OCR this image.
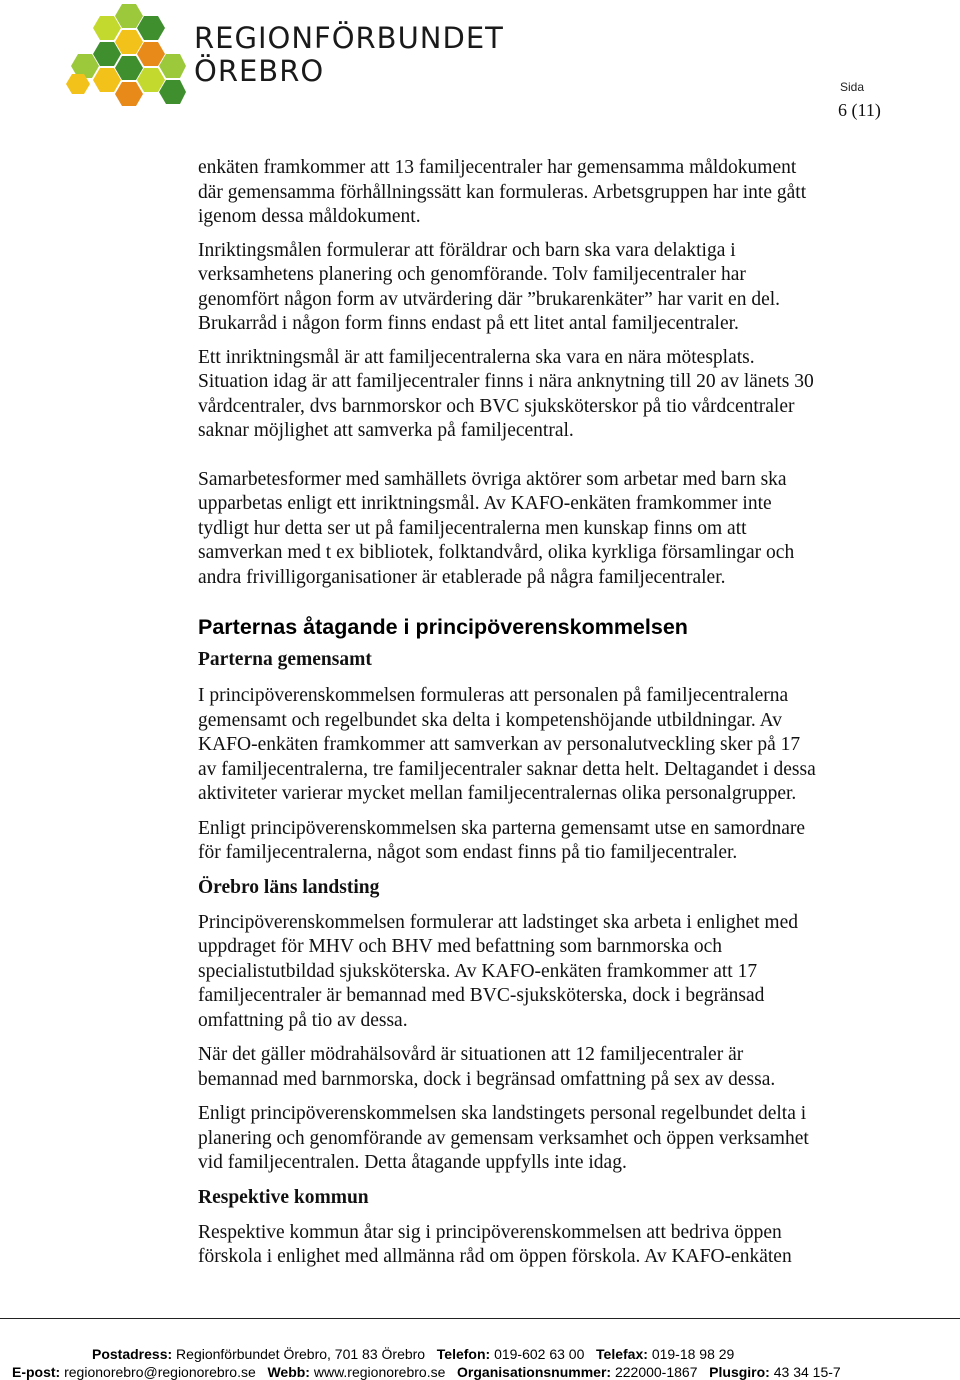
REGIONFÖRBUNDET
ÖREBRO	Sida
6 (11)

enkäten framkommer att 13 familjecentraler har gemensamma måldokument
där gemensamma förhållningssätt kan formuleras. Arbetsgruppen har inte gått
igenom dessa måldokument.

Inriktingsmålen formulerar att föräldrar och barn ska vara delaktiga i
verksamhetens planering och genomförande. Tolv familjecentraler har
genomfört någon form av utvärdering där ”brukarenkäter” har varit en del.
Brukarråd i någon form finns endast på ett litet antal familjecentraler.

Ett inriktningsmål är att familjecentralerna ska vara en nära mötesplats.
Situation idag är att familjecentraler finns i nära anknytning till 20 av länets 30
vårdcentraler, dvs barnmorskor och BVC sjuksköterskor på tio vårdcentraler
saknar möjlighet att samverka på familjecentral.

Samarbetesformer med samhällets övriga aktörer som arbetar med barn ska
upparbetas enligt ett inriktningsmål. Av KAFO-enkäten framkommer inte
tydligt hur detta ser ut på familjecentralerna men kunskap finns om att
samverkan med t ex bibliotek, folktandvård, olika kyrkliga församlingar och
andra frivilligorganisationer är etablerade på några familjecentraler.

Parternas åtagande i principöverenskommelsen
Parterna gemensamt

I principöverenskommelsen formuleras att personalen på familjecentralerna
gemensamt och regelbundet ska delta i kompetenshöjande utbildningar. Av
KAFO-enkäten framkommer att samverkan av personalutveckling sker på 17
av familjecentralerna, tre familjecentraler saknar detta helt. Deltagandet i dessa
aktiviteter varierar mycket mellan familjecentralernas olika personalgrupper.

Enligt principöverenskommelsen ska parterna gemensamt utse en samordnare
för familjecentralerna, något som endast finns på tio familjecentraler.

Örebro läns landsting

Principöverenskommelsen formulerar att ladstinget ska arbeta i enlighet med
uppdraget för MHV och BHV med befattning som barnmorska och
specialistutbildad sjuksköterska. Av KAFO-enkäten framkommer att 17
familjecentraler är bemannad med BVC-sjuksköterska, dock i begränsad
omfattning på tio av dessa.

När det gäller mödrahälsovård är situationen att 12 familjecentraler är
bemannad med barnmorska, dock i begränsad omfattning på sex av dessa.

Enligt principöverenskommelsen ska landstingets personal regelbundet delta i
planering och genomförande av gemensam verksamhet och öppen verksamhet
vid familjecentralen. Detta åtagande uppfylls inte idag.

Respektive kommun

Respektive kommun åtar sig i principöverenskommelsen att bedriva öppen
förskola i enlighet med allmänna råd om öppen förskola. Av KAFO-enkäten

Postadress: Regionförbundet Örebro, 701 83 Örebro Telefon: 019-602 63 00 Telefax: 019-18 98 29
E-post: regionorebro@regionorebro.se Webb: www.regionorebro.se Organisationsnummer: 222000-1867 Plusgiro: 43 34 15-7
